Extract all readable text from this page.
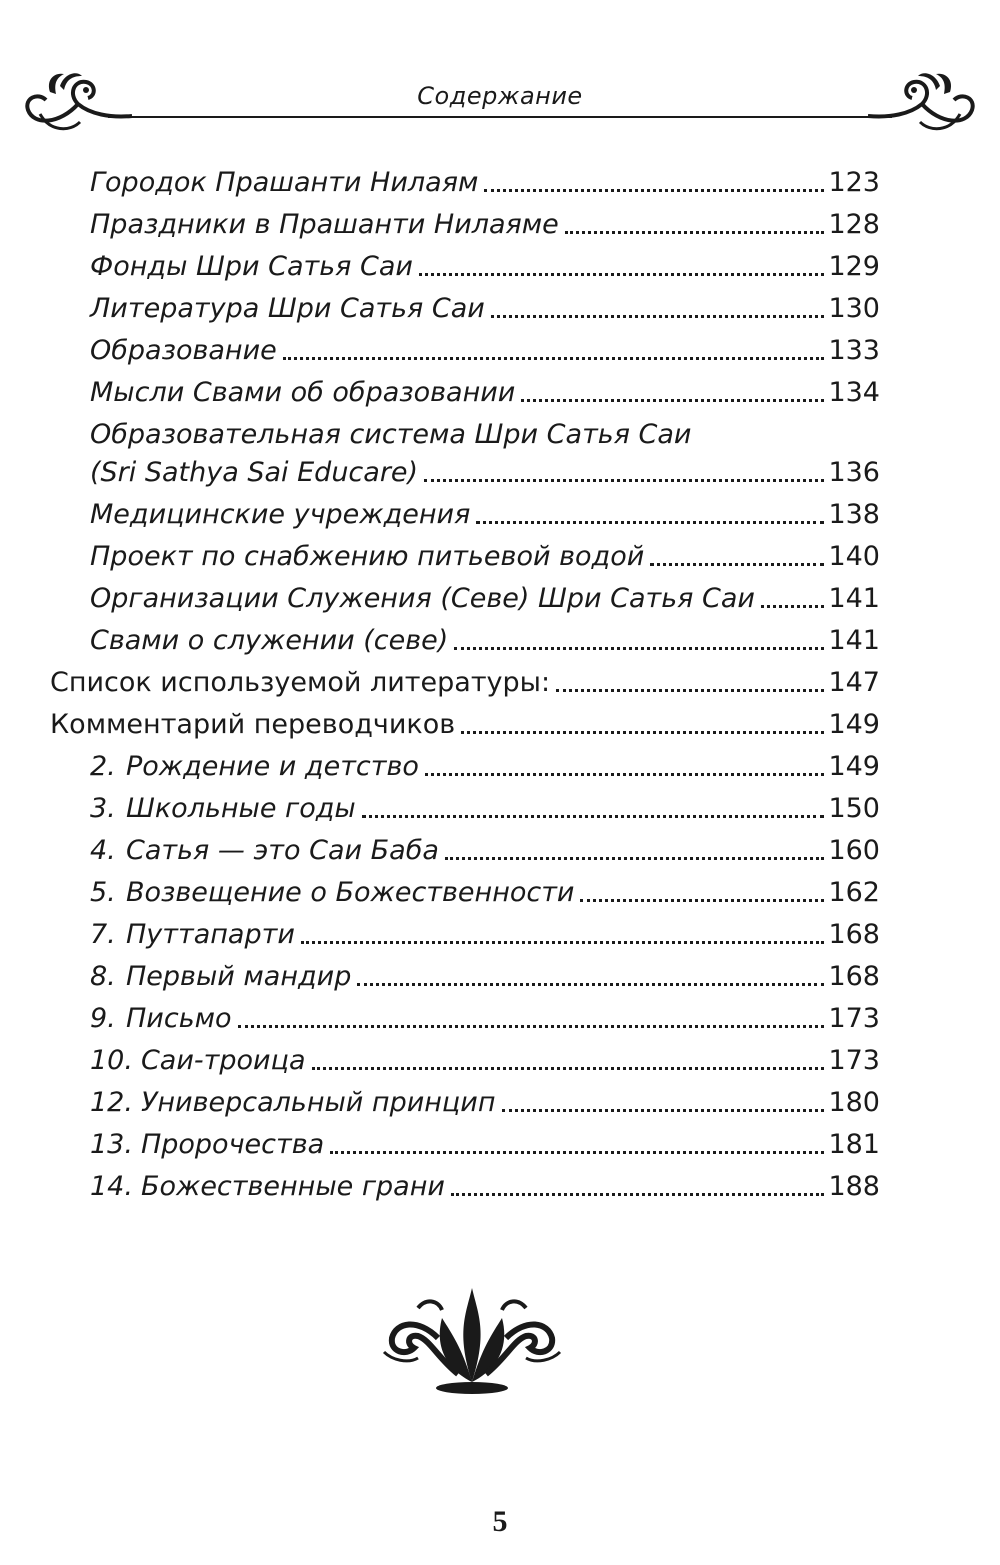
Содержание
Городок Прашанти Нилаям	123
Праздники в Прашанти Нилаяме	128
Фонды Шри Сатья Саи	129
Литература Шри Сатья Саи	130
Образование	133
Мысли Свами об образовании	134
Образовательная система Шри Сатья Саи
(Sri Sathya Sai Educare)	136
Медицинские учреждения	138
Проект по снабжению питьевой водой	140
Организации Служения (Севе) Шри Сатья Саи	141
Свами о служении (севе)	141
Список используемой литературы:	147
Комментарий переводчиков	149
2. Рождение и детство	149
3. Школьные годы	150
4. Сатья — это Саи Баба	160
5. Возвещение о Божественности	162
7. Путтапарти	168
8. Первый мандир	168
9. Письмо	173
10. Саи-троица	173
12. Универсальный принцип	180
13. Пророчества	181
14. Божественные грани	188
5
